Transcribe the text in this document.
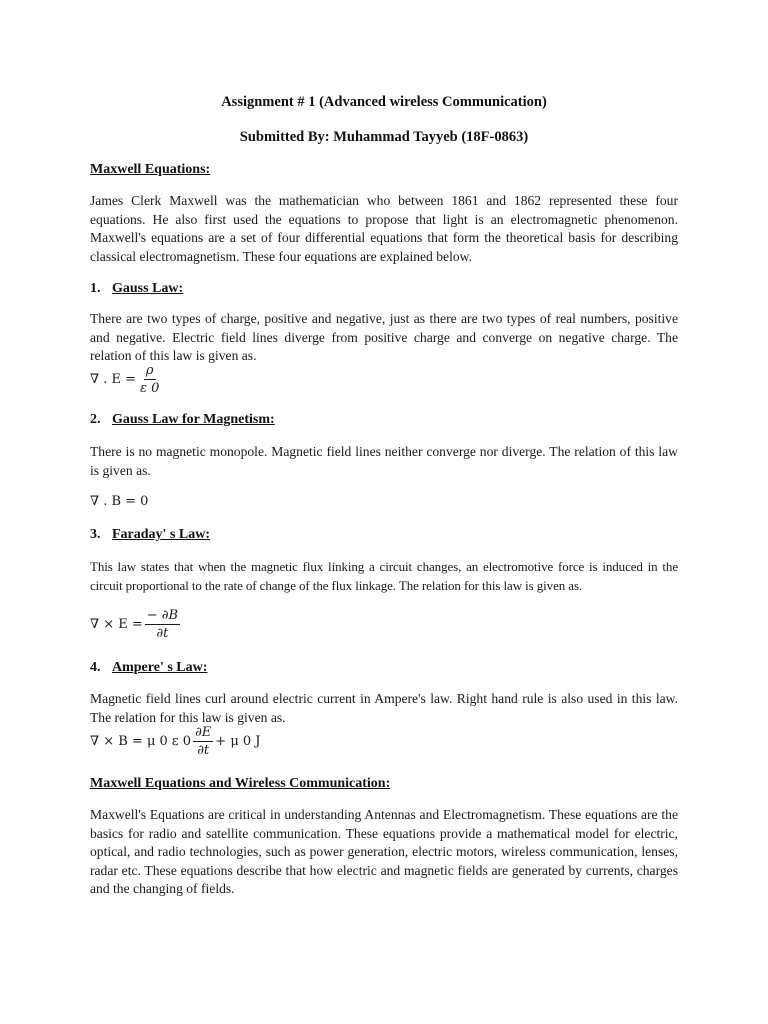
Assignment # 1 (Advanced wireless Communication)
Submitted By: Muhammad Tayyeb (18F-0863)
Maxwell Equations:
James Clerk Maxwell was the mathematician who between 1861 and 1862 represented these four equations. He also first used the equations to propose that light is an electromagnetic phenomenon. Maxwell's equations are a set of four differential equations that form the theoretical basis for describing classical electromagnetism. These four equations are explained below.
1. Gauss Law:
There are two types of charge, positive and negative, just as there are two types of real numbers, positive and negative. Electric field lines diverge from positive charge and converge on negative charge. The relation of this law is given as.
∇ . $E = \frac{\rho}{\varepsilon 0}$
2. Gauss Law for Magnetism:
There is no magnetic monopole. Magnetic field lines neither converge nor diverge. The relation of this law is given as.
∇ . B = 0
3. Faraday' s Law:
This law states that when the magnetic flux linking a circuit changes, an electromotive force is induced in the circuit proportional to the rate of change of the flux linkage. The relation for this law is given as.
∇ × $E = \frac{- \partial B}{\partial t}$
4. Ampere' s Law:
Magnetic field lines curl around electric current in Ampere's law. Right hand rule is also used in this law. The relation for this law is given as.
∇ × B = μ 0 ε $0 \frac{\partial E}{\partial t} + \mu$ 0 J
Maxwell Equations and Wireless Communication:
Maxwell's Equations are critical in understanding Antennas and Electromagnetism. These equations are the basics for radio and satellite communication. These equations provide a mathematical model for electric, optical, and radio technologies, such as power generation, electric motors, wireless communication, lenses, radar etc. These equations describe that how electric and magnetic fields are generated by currents, charges and the changing of fields.
